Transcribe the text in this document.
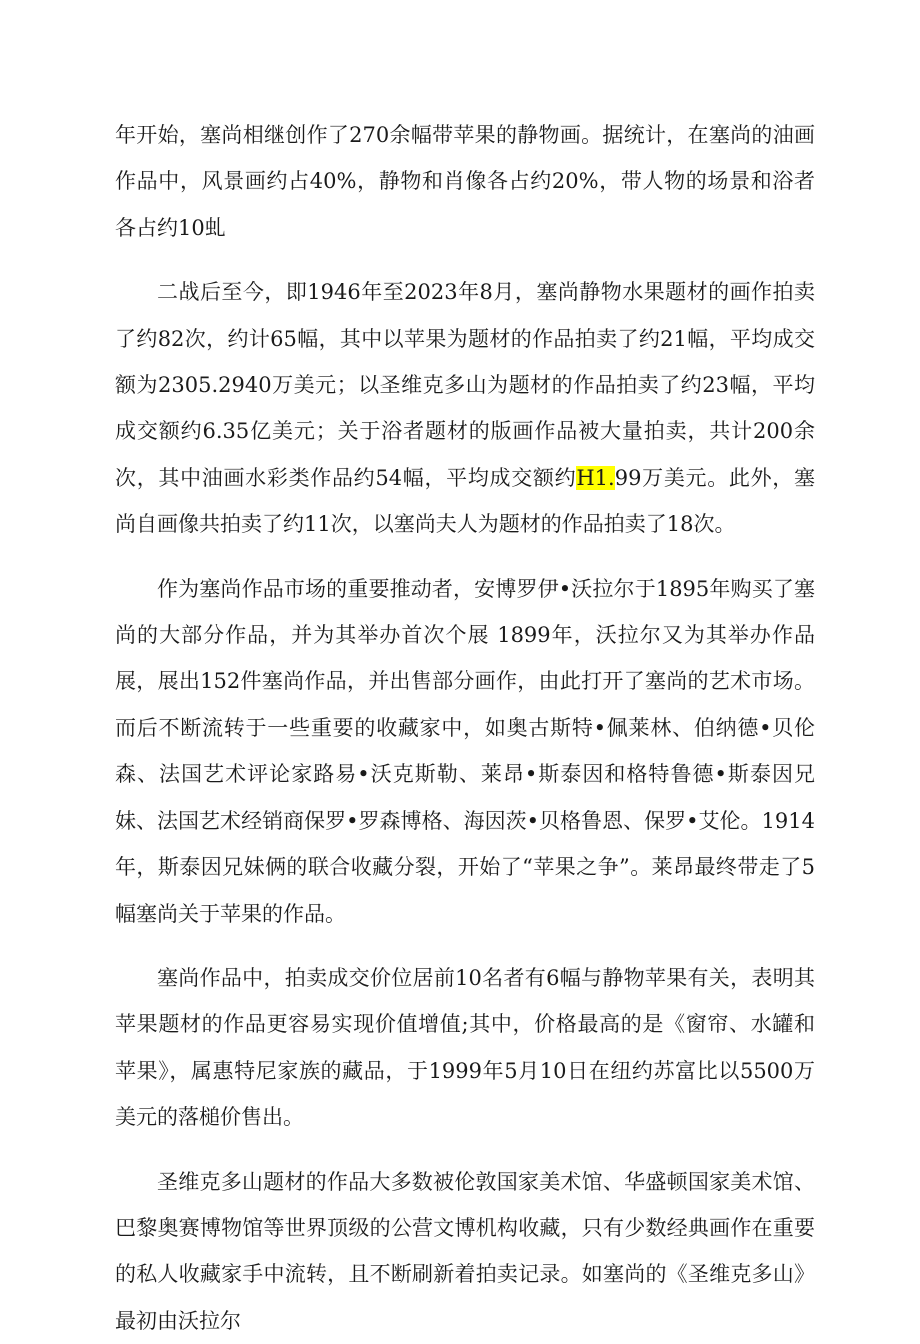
年开始，塞尚相继创作了270余幅带苹果的静物画。据统计，在塞尚的油画作品中，风景画约占40%，静物和肖像各占约20%，带人物的场景和浴者各占约10虬

二战后至今，即1946年至2023年8月，塞尚静物水果题材的画作拍卖了约82次，约计65幅，其中以苹果为题材的作品拍卖了约21幅，平均成交额为2305.2940万美元；以圣维克多山为题材的作品拍卖了约23幅，平均成交额约6.35亿美元；关于浴者题材的版画作品被大量拍卖，共计200余次，其中油画水彩类作品约54幅，平均成交额约H1.99万美元。此外，塞尚自画像共拍卖了约11次，以塞尚夫人为题材的作品拍卖了18次。

作为塞尚作品市场的重要推动者，安博罗伊•沃拉尔于1895年购买了塞尚的大部分作品，并为其举办首次个展 1899年，沃拉尔又为其举办作品展，展出152件塞尚作品，并出售部分画作，由此打开了塞尚的艺术市场。而后不断流转于一些重要的收藏家中，如奥古斯特•佩莱林、伯纳德•贝伦森、法国艺术评论家路易•沃克斯勒、莱昂•斯泰因和格特鲁德•斯泰因兄妹、法国艺术经销商保罗•罗森博格、海因茨•贝格鲁恩、保罗•艾伦。1914年，斯泰因兄妹俩的联合收藏分裂，开始了“苹果之争”。莱昂最终带走了5幅塞尚关于苹果的作品。

塞尚作品中，拍卖成交价位居前10名者有6幅与静物苹果有关，表明其苹果题材的作品更容易实现价值增值;其中，价格最高的是《窗帘、水罐和苹果》，属惠特尼家族的藏品，于1999年5月10日在纽约苏富比以5500万美元的落槌价售出。

圣维克多山题材的作品大多数被伦敦国家美术馆、华盛顿国家美术馆、巴黎奥赛博物馆等世界顶级的公营文博机构收藏，只有少数经典画作在重要的私人收藏家手中流转，且不断刷新着拍卖记录。如塞尚的《圣维克多山》最初由沃拉尔
